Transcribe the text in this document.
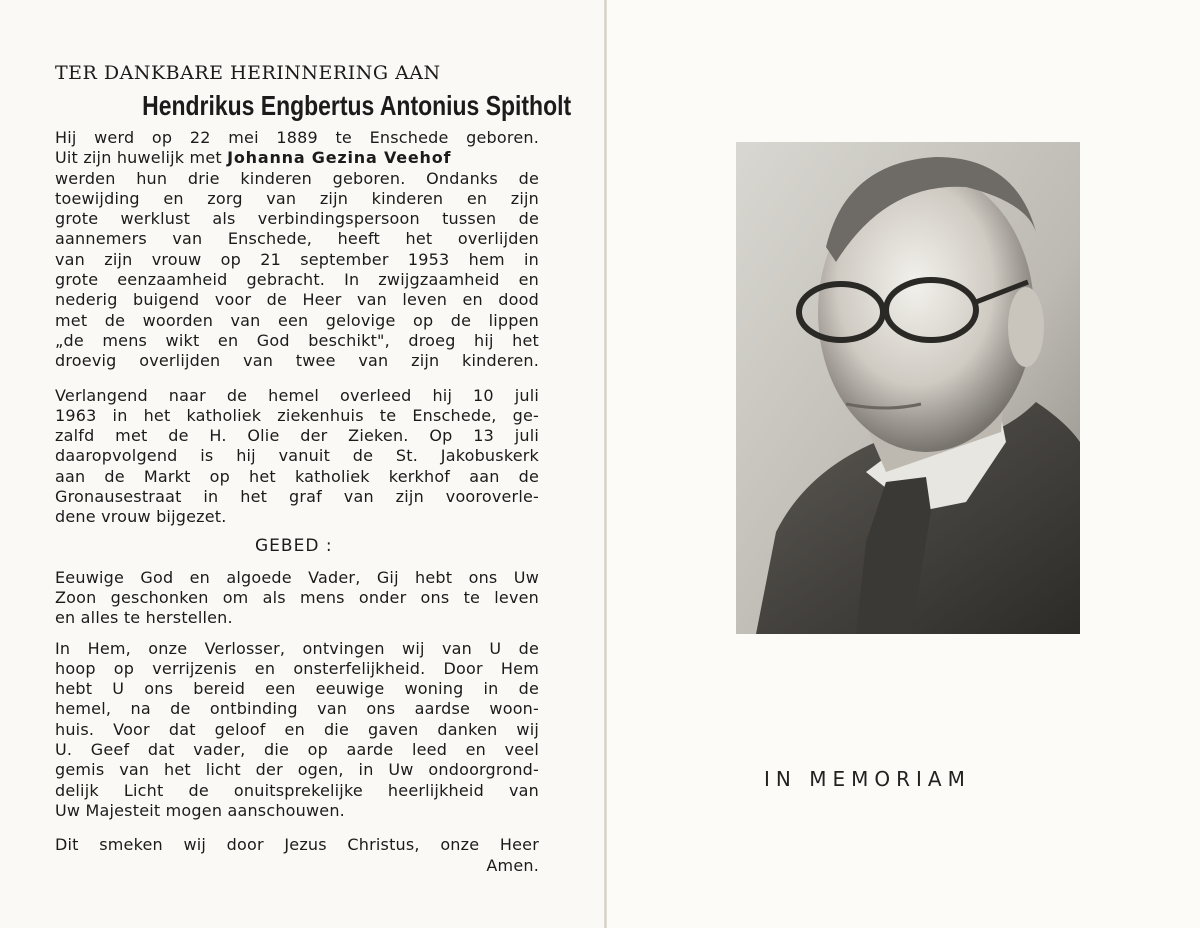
TER DANKBARE HERINNERING AAN

Hendrikus Engbertus Antonius Spitholt

Hij werd op 22 mei 1889 te Enschede geboren.
Uit zijn huwelijk met Johanna Gezina Veehof
werden hun drie kinderen geboren. Ondanks de
toewijding en zorg van zijn kinderen en zijn
grote werklust als verbindingspersoon tussen de
aannemers van Enschede, heeft het overlijden
van zijn vrouw op 21 september 1953 hem in
grote eenzaamheid gebracht. In zwijgzaamheid en
nederig buigend voor de Heer van leven en dood
met de woorden van een gelovige op de lippen
„de mens wikt en God beschikt", droeg hij het
droevig overlijden van twee van zijn kinderen.
Verlangend naar de hemel overleed hij 10 juli
1963 in het katholiek ziekenhuis te Enschede, ge-
zalfd met de H. Olie der Zieken. Op 13 juli
daaropvolgend is hij vanuit de St. Jakobuskerk
aan de Markt op het katholiek kerkhof aan de
Gronausestraat in het graf van zijn vooroverle-
dene vrouw bijgezet.

GEBED :

Eeuwige God en algoede Vader, Gij hebt ons Uw
Zoon geschonken om als mens onder ons te leven
en alles te herstellen.
In Hem, onze Verlosser, ontvingen wij van U de
hoop op verrijzenis en onsterfelijkheid. Door Hem
hebt U ons bereid een eeuwige woning in de
hemel, na de ontbinding van ons aardse woon-
huis. Voor dat geloof en die gaven danken wij
U. Geef dat vader, die op aarde leed en veel
gemis van het licht der ogen, in Uw ondoorgrond-
delijk Licht de onuitsprekelijke heerlijkheid van
Uw Majesteit mogen aanschouwen.
Dit smeken wij door Jezus Christus, onze Heer
Amen.
IN MEMORIAM
